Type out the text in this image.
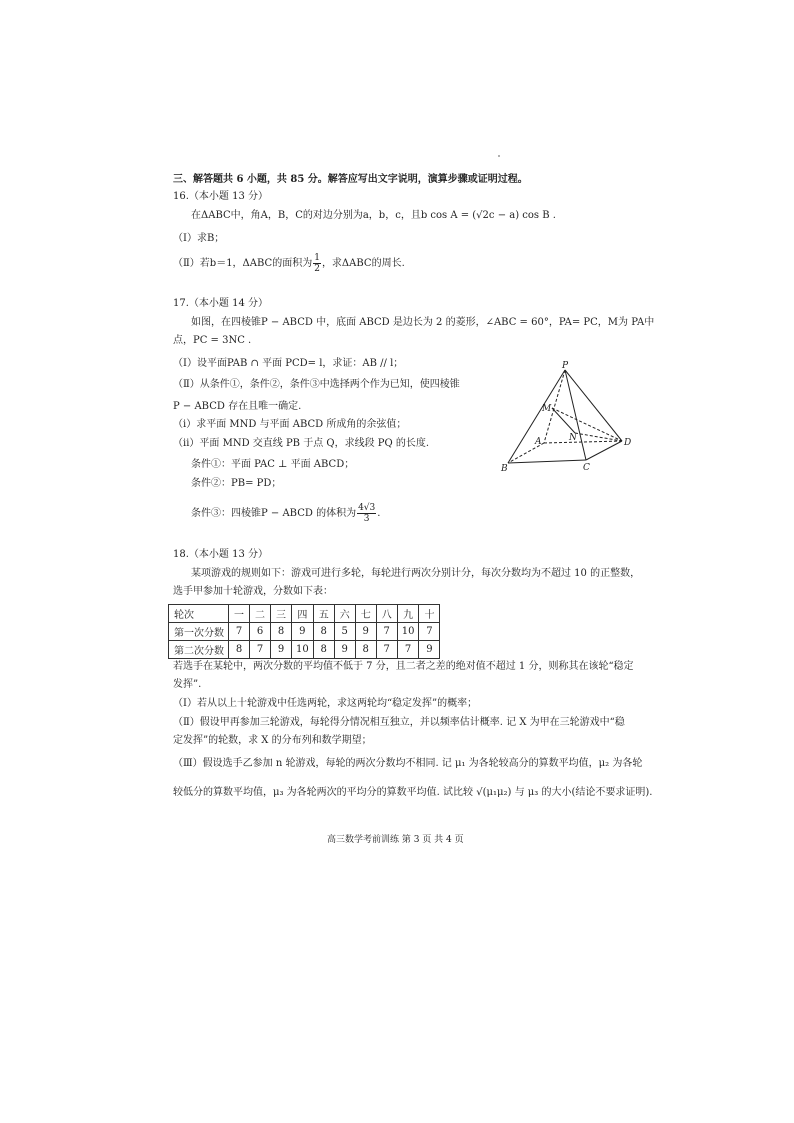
三、解答题共 6 小题，共 85 分。解答应写出文字说明，演算步骤或证明过程。
16.（本小题 13 分）
在ΔABC中，角A，B，C的对边分别为a，b，c，且b cos A = (√2c − a) cos B .
（Ⅰ）求B；
（Ⅱ）若b＝1，ΔABC的面积为 $\frac{1}{2}$ ，求ΔABC的周长.
17.（本小题 14 分）
如图，在四棱锥P − ABCD 中，底面 ABCD 是边长为 2 的菱形，∠ABC = 60°，PA= PC，M为 PA中
点，PC = 3NC .
（Ⅰ）设平面PAB ∩ 平面 PCD= l，求证：AB // l；
（Ⅱ）从条件①，条件②，条件③中选择两个作为已知，使四棱锥
P − ABCD 存在且唯一确定.
（ⅰ）求平面 MND 与平面 ABCD 所成角的余弦值；
（ⅱ）平面 MND 交直线 PB 于点 Q，求线段 PQ 的长度.
条件①：平面 PAC ⊥ 平面 ABCD；
条件②：PB= PD；
条件③：四棱锥P − ABCD 的体积为 $\frac{4√3}{3}$ .
P
M
A	N	D
B	C
18.（本小题 13 分）
某项游戏的规则如下：游戏可进行多轮，每轮进行两次分别计分，每次分数均为不超过 10 的正整数，
选手甲参加十轮游戏，分数如下表：
轮次	一	二	三	四	五	六	七	八	九	十
第一次分数	7	6	8	9	8	5	9	7	10	7
第二次分数	8	7	9	10	8	9	8	7	7	9
若选手在某轮中，两次分数的平均值不低于 7 分，且二者之差的绝对值不超过 1 分，则称其在该轮“稳定
发挥”.
（Ⅰ）若从以上十轮游戏中任选两轮，求这两轮均“稳定发挥”的概率；
（Ⅱ）假设甲再参加三轮游戏，每轮得分情况相互独立，并以频率估计概率. 记 X 为甲在三轮游戏中“稳
定发挥”的轮数，求 X 的分布列和数学期望；
（Ⅲ）假设选手乙参加 n 轮游戏，每轮的两次分数均不相同. 记 μ₁ 为各轮较高分的算数平均值，μ₂ 为各轮
较低分的算数平均值，μ₃ 为各轮两次的平均分的算数平均值. 试比较 √(μ₁μ₂) 与 μ₃ 的大小(结论不要求证明).
高三数学考前训练 第 3 页 共 4 页
